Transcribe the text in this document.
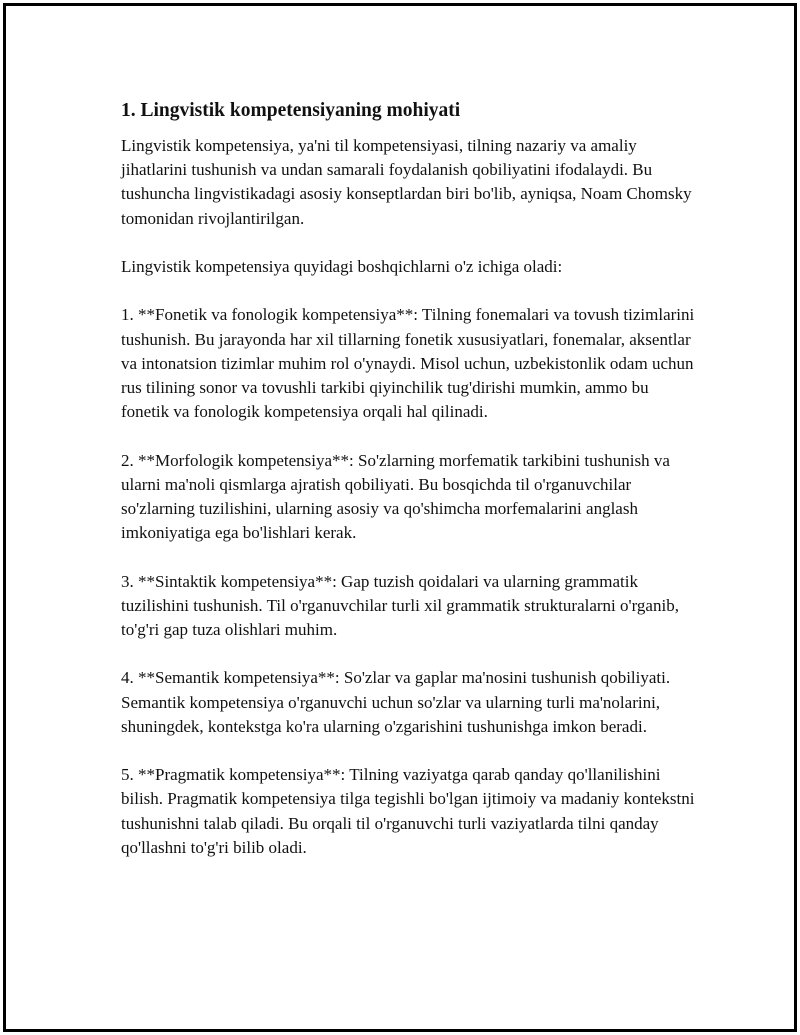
1. Lingvistik kompetensiyaning mohiyati

Lingvistik kompetensiya, ya'ni til kompetensiyasi, tilning nazariy va amaliy jihatlarini tushunish va undan samarali foydalanish qobiliyatini ifodalaydi. Bu tushuncha lingvistikadagi asosiy konseptlardan biri bo'lib, ayniqsa, Noam Chomsky tomonidan rivojlantirilgan.

Lingvistik kompetensiya quyidagi boshqichlarni o'z ichiga oladi:

1. **Fonetik va fonologik kompetensiya**: Tilning fonemalari va tovush tizimlarini tushunish. Bu jarayonda har xil tillarning fonetik xususiyatlari, fonemalar, aksentlar va intonatsion tizimlar muhim rol o'ynaydi. Misol uchun, uzbekistonlik odam uchun rus tilining sonor va tovushli tarkibi qiyinchilik tug'dirishi mumkin, ammo bu fonetik va fonologik kompetensiya orqali hal qilinadi.

2. **Morfologik kompetensiya**: So'zlarning morfematik tarkibini tushunish va ularni ma'noli qismlarga ajratish qobiliyati. Bu bosqichda til o'rganuvchilar so'zlarning tuzilishini, ularning asosiy va qo'shimcha morfemalarini anglash imkoniyatiga ega bo'lishlari kerak.

3. **Sintaktik kompetensiya**: Gap tuzish qoidalari va ularning grammatik tuzilishini tushunish. Til o'rganuvchilar turli xil grammatik strukturalarni o'rganib, to'g'ri gap tuza olishlari muhim.

4. **Semantik kompetensiya**: So'zlar va gaplar ma'nosini tushunish qobiliyati. Semantik kompetensiya o'rganuvchi uchun so'zlar va ularning turli ma'nolarini, shuningdek, kontekstga ko'ra ularning o'zgarishini tushunishga imkon beradi.

5. **Pragmatik kompetensiya**: Tilning vaziyatga qarab qanday qo'llanilishini bilish. Pragmatik kompetensiya tilga tegishli bo'lgan ijtimoiy va madaniy kontekstni tushunishni talab qiladi. Bu orqali til o'rganuvchi turli vaziyatlarda tilni qanday qo'llashni to'g'ri bilib oladi.
